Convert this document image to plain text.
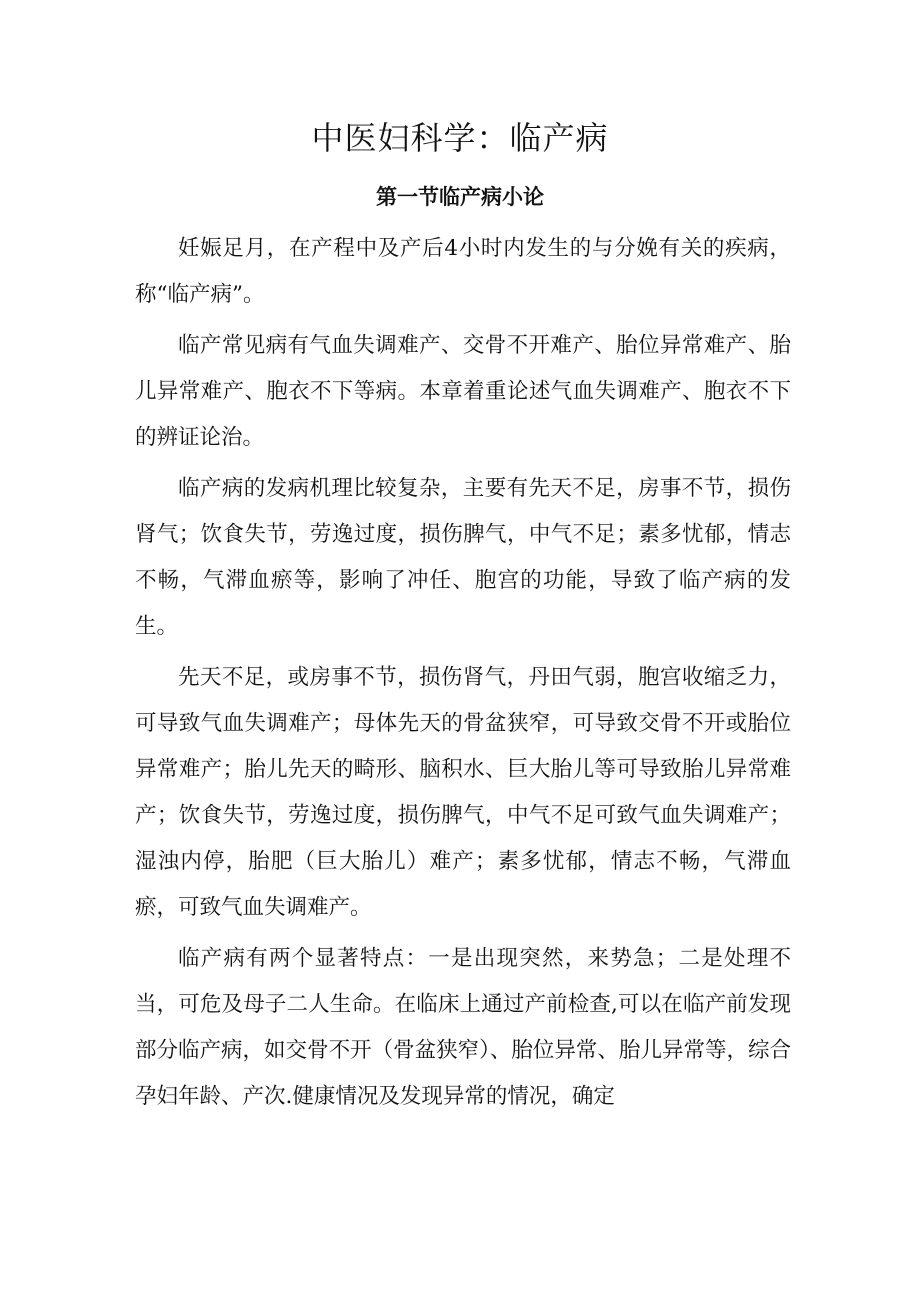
中医妇科学：临产病
第一节临产病小论

妊娠足月，在产程中及产后4小时内发生的与分娩有关的疾病，称“临产病”。

临产常见病有气血失调难产、交骨不开难产、胎位异常难产、胎儿异常难产、胞衣不下等病。本章着重论述气血失调难产、胞衣不下的辨证论治。

临产病的发病机理比较复杂，主要有先天不足，房事不节，损伤肾气；饮食失节，劳逸过度，损伤脾气，中气不足；素多忧郁，情志不畅，气滞血瘀等，影响了冲任、胞宫的功能，导致了临产病的发生。

先天不足，或房事不节，损伤肾气，丹田气弱，胞宫收缩乏力，可导致气血失调难产；母体先天的骨盆狭窄，可导致交骨不开或胎位异常难产；胎儿先天的畸形、脑积水、巨大胎儿等可导致胎儿异常难产；饮食失节，劳逸过度，损伤脾气，中气不足可致气血失调难产；湿浊内停，胎肥（巨大胎儿）难产；素多忧郁，情志不畅，气滞血瘀，可致气血失调难产。

临产病有两个显著特点：一是出现突然，来势急；二是处理不当，可危及母子二人生命。在临床上通过产前检查,可以在临产前发现部分临产病，如交骨不开（骨盆狭窄）、胎位异常、胎儿异常等，综合孕妇年龄、产次.健康情况及发现异常的情况，确定
